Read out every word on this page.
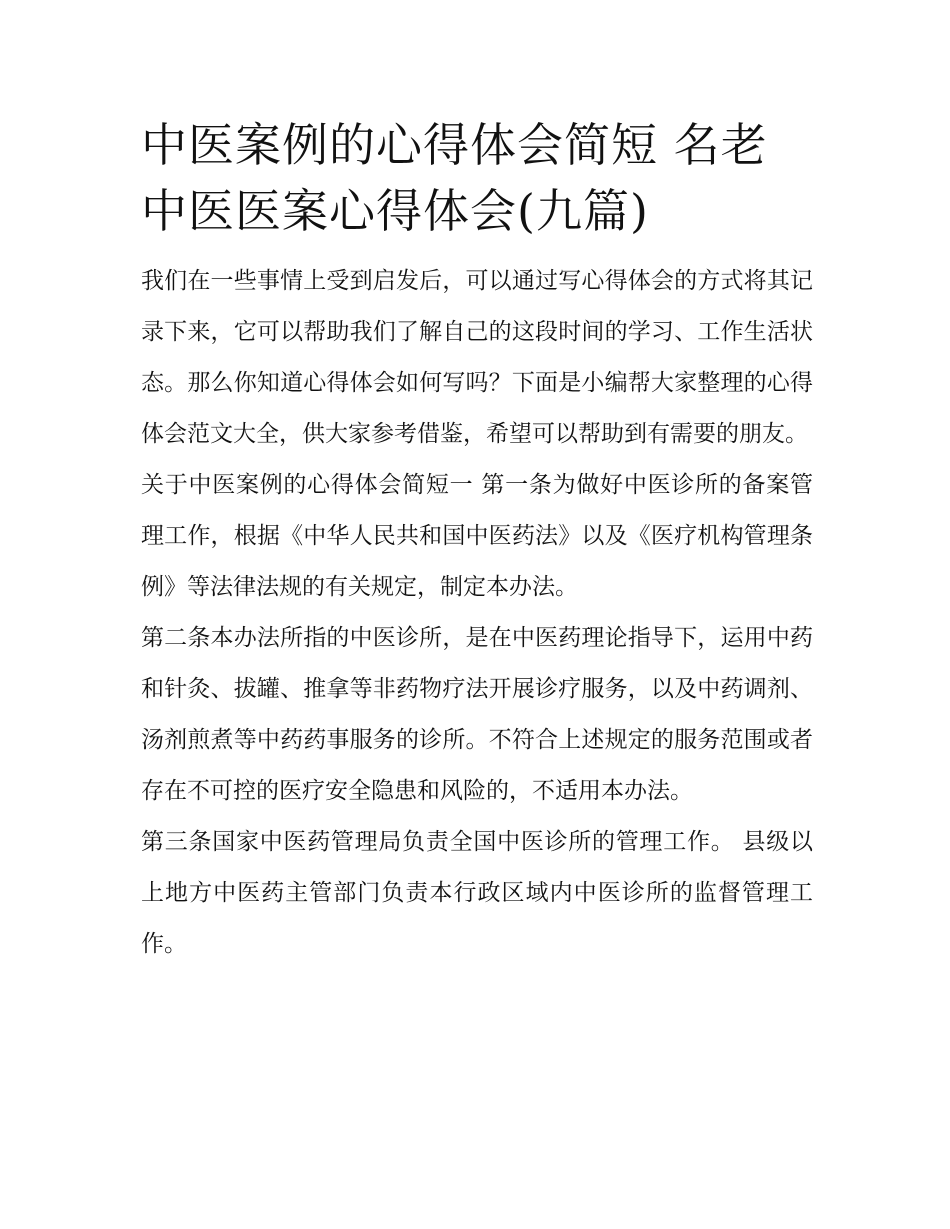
中医案例的心得体会简短 名老中医医案心得体会(九篇)

我们在一些事情上受到启发后，可以通过写心得体会的方式将其记录下来，它可以帮助我们了解自己的这段时间的学习、工作生活状态。那么你知道心得体会如何写吗？下面是小编帮大家整理的心得体会范文大全，供大家参考借鉴，希望可以帮助到有需要的朋友。

关于中医案例的心得体会简短一 第一条为做好中医诊所的备案管理工作，根据《中华人民共和国中医药法》以及《医疗机构管理条例》等法律法规的有关规定，制定本办法。

第二条本办法所指的中医诊所，是在中医药理论指导下，运用中药和针灸、拔罐、推拿等非药物疗法开展诊疗服务，以及中药调剂、汤剂煎煮等中药药事服务的诊所。不符合上述规定的服务范围或者存在不可控的医疗安全隐患和风险的，不适用本办法。

第三条国家中医药管理局负责全国中医诊所的管理工作。 县级以上地方中医药主管部门负责本行政区域内中医诊所的监督管理工作。
